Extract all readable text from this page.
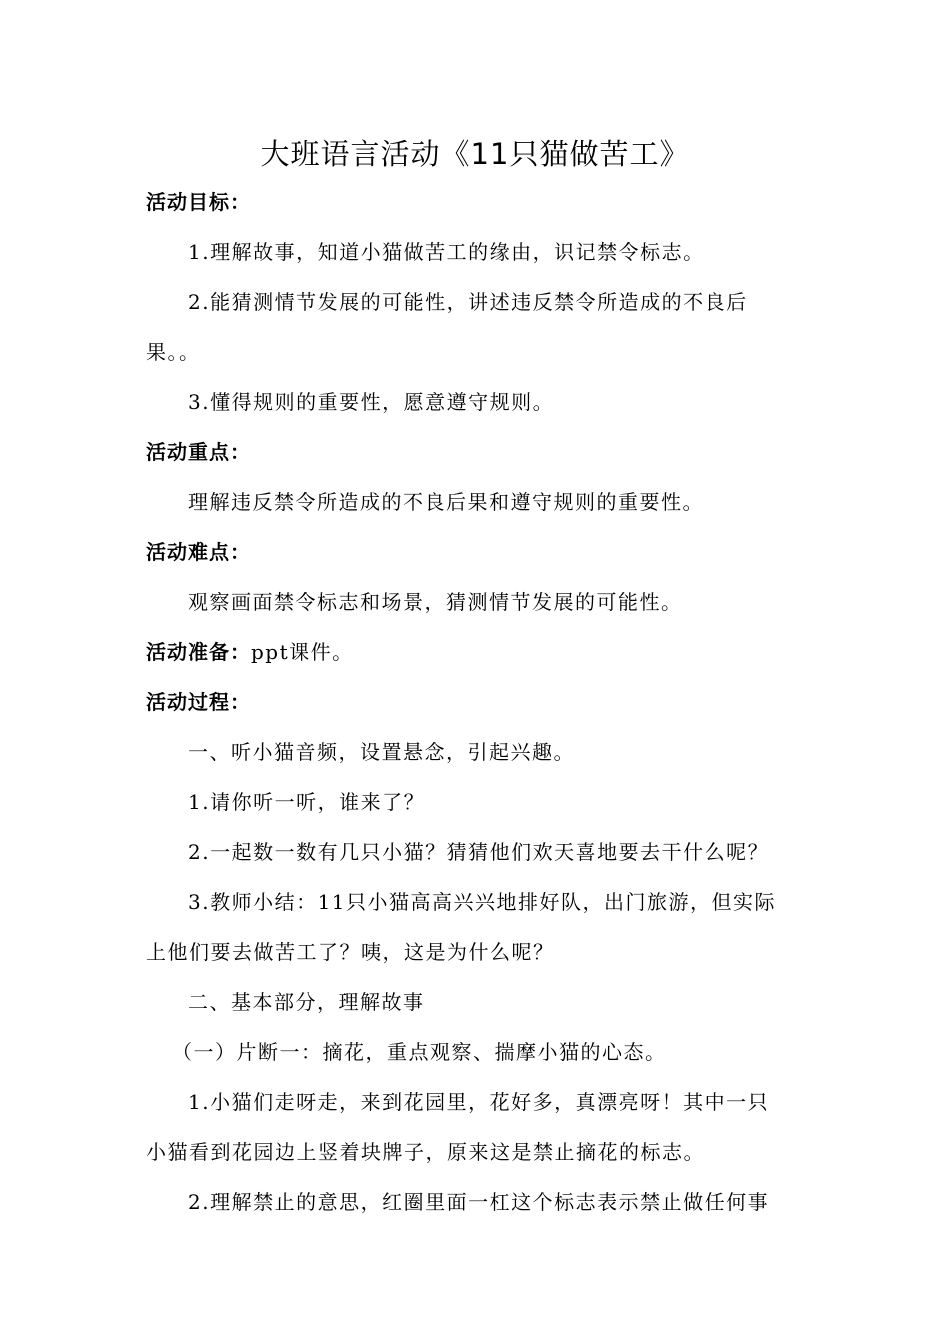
大班语言活动《11只猫做苦工》
活动目标：
1.理解故事，知道小猫做苦工的缘由，识记禁令标志。
2.能猜测情节发展的可能性，讲述违反禁令所造成的不良后
果。。
3.懂得规则的重要性，愿意遵守规则。
活动重点：
理解违反禁令所造成的不良后果和遵守规则的重要性。
活动难点：
观察画面禁令标志和场景，猜测情节发展的可能性。
活动准备：ppt课件。
活动过程：
一、听小猫音频，设置悬念，引起兴趣。
1.请你听一听，谁来了？
2.一起数一数有几只小猫？猜猜他们欢天喜地要去干什么呢？
3.教师小结：11只小猫高高兴兴地排好队，出门旅游，但实际
上他们要去做苦工了？咦，这是为什么呢？
二、基本部分，理解故事
（一）片断一：摘花，重点观察、揣摩小猫的心态。
1.小猫们走呀走，来到花园里，花好多，真漂亮呀！其中一只
小猫看到花园边上竖着块牌子，原来这是禁止摘花的标志。
2.理解禁止的意思，红圈里面一杠这个标志表示禁止做任何事
